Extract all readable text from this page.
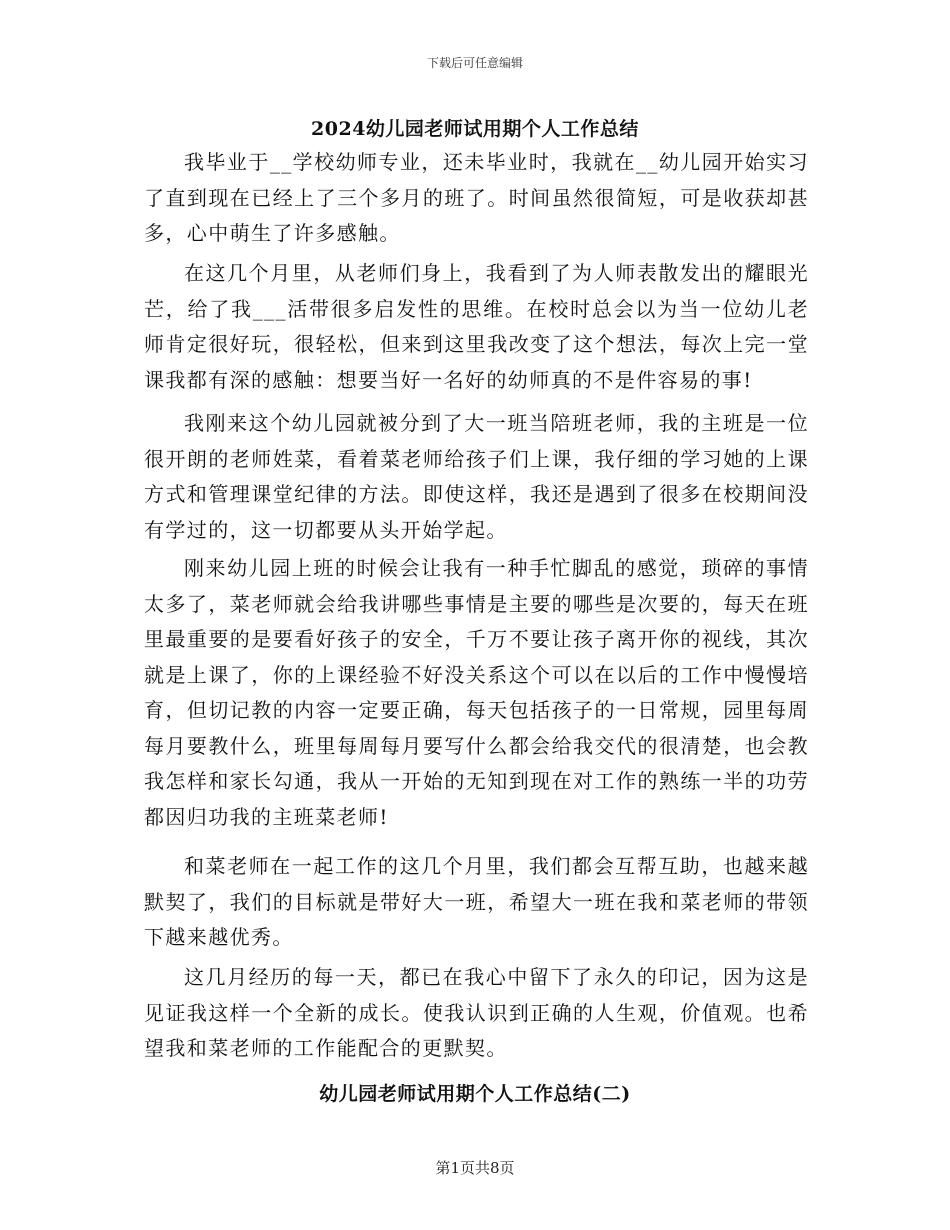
下载后可任意编辑
2024幼儿园老师试用期个人工作总结

我毕业于__学校幼师专业，还未毕业时，我就在__幼儿园开始实习了直到现在已经上了三个多月的班了。时间虽然很简短，可是收获却甚多，心中萌生了许多感触。

在这几个月里，从老师们身上，我看到了为人师表散发出的耀眼光芒，给了我___活带很多启发性的思维。在校时总会以为当一位幼儿老师肯定很好玩，很轻松，但来到这里我改变了这个想法，每次上完一堂课我都有深的感触：想要当好一名好的幼师真的不是件容易的事!

我刚来这个幼儿园就被分到了大一班当陪班老师，我的主班是一位很开朗的老师姓菜，看着菜老师给孩子们上课，我仔细的学习她的上课方式和管理课堂纪律的方法。即使这样，我还是遇到了很多在校期间没有学过的，这一切都要从头开始学起。

刚来幼儿园上班的时候会让我有一种手忙脚乱的感觉，琐碎的事情太多了，菜老师就会给我讲哪些事情是主要的哪些是次要的，每天在班里最重要的是要看好孩子的安全，千万不要让孩子离开你的视线，其次就是上课了，你的上课经验不好没关系这个可以在以后的工作中慢慢培育，但切记教的内容一定要正确，每天包括孩子的一日常规，园里每周每月要教什么，班里每周每月要写什么都会给我交代的很清楚，也会教我怎样和家长勾通，我从一开始的无知到现在对工作的熟练一半的功劳都因归功我的主班菜老师!

和菜老师在一起工作的这几个月里，我们都会互帮互助，也越来越默契了，我们的目标就是带好大一班，希望大一班在我和菜老师的带领下越来越优秀。

这几月经历的每一天，都已在我心中留下了永久的印记，因为这是见证我这样一个全新的成长。使我认识到正确的人生观，价值观。也希望我和菜老师的工作能配合的更默契。

幼儿园老师试用期个人工作总结(二)
第1页共8页
